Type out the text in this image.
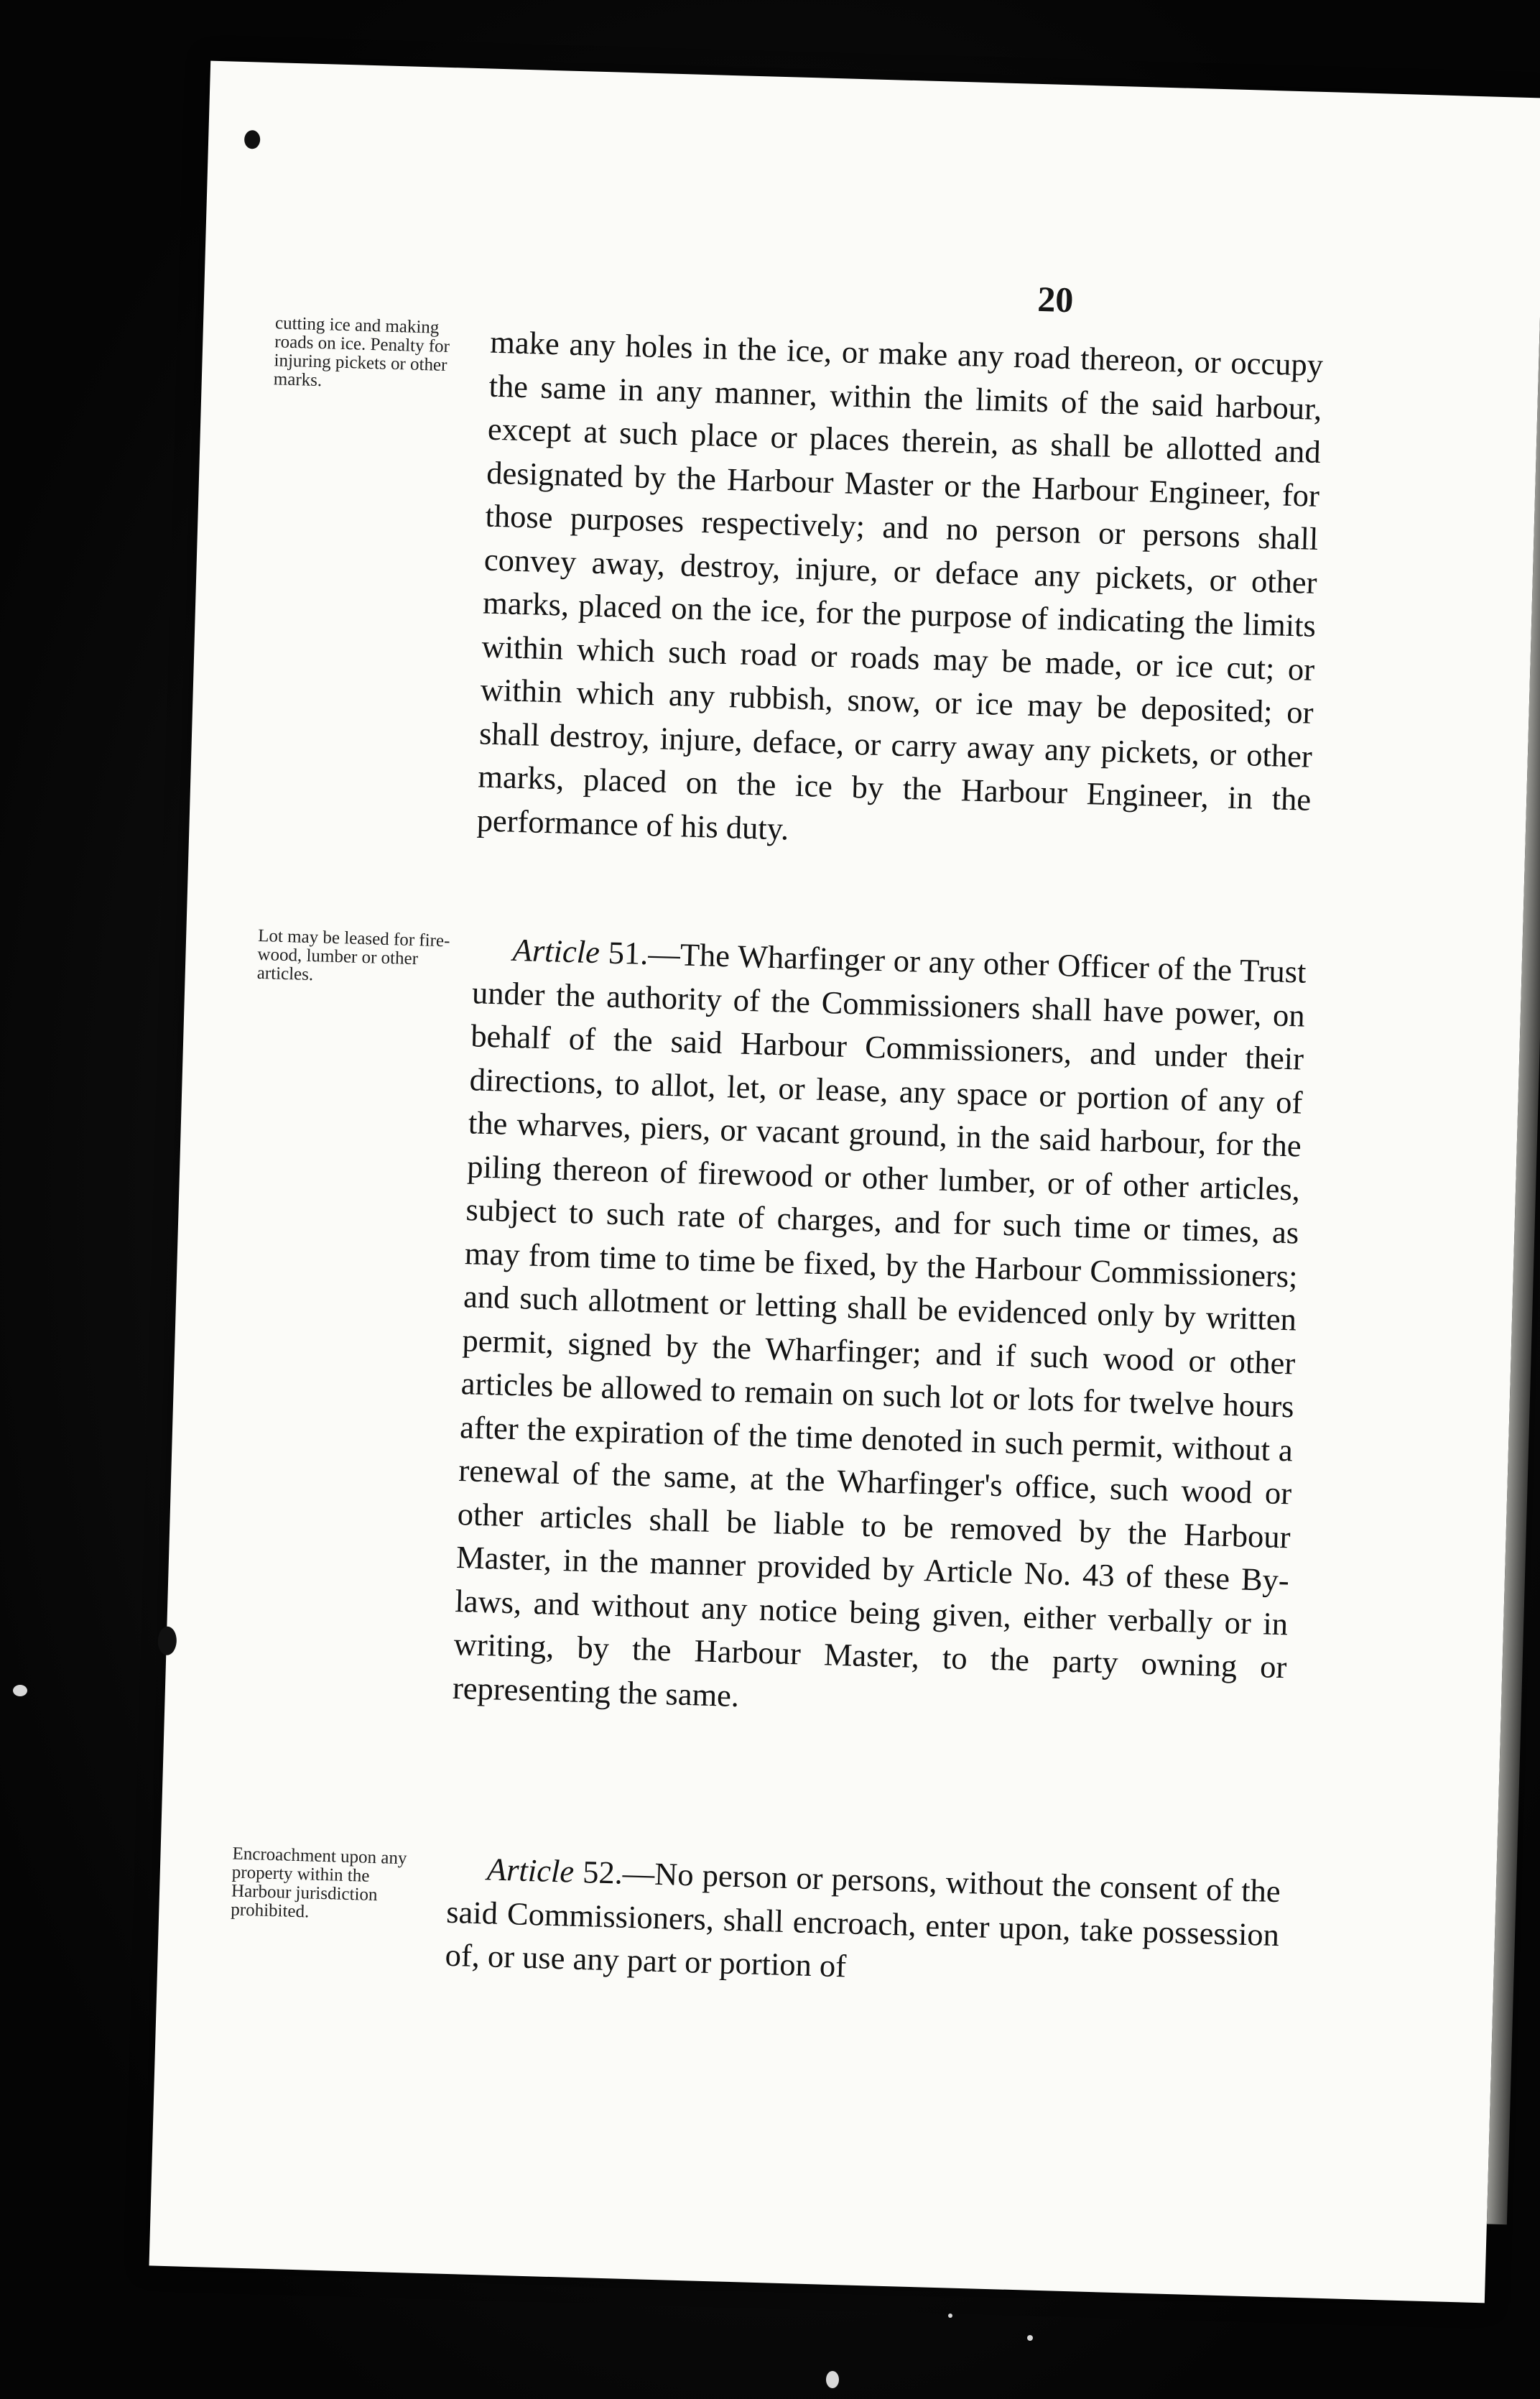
20
cutting ice and making roads on ice. Penalty for injuring pickets or other marks.	make any holes in the ice, or make any road thereon, or occupy the same in any manner, within the limits of the said harbour, except at such place or places therein, as shall be allotted and designated by the Harbour Master or the Harbour Engineer, for those purposes respectively; and no person or persons shall convey away, destroy, injure, or deface any pickets, or other marks, placed on the ice, for the purpose of indicating the limits within which such road or roads may be made, or ice cut; or within which any rubbish, snow, or ice may be deposited; or shall destroy, injure, deface, or carry away any pickets, or other marks, placed on the ice by the Harbour Engineer, in the performance of his duty.
Lot may be leased for fire-wood, lumber or other articles.
Article 51.—The Wharfinger or any other Officer of the Trust under the authority of the Commissioners shall have power, on behalf of the said Harbour Commissioners, and under their directions, to allot, let, or lease, any space or portion of any of the wharves, piers, or vacant ground, in the said harbour, for the piling thereon of firewood or other lumber, or of other articles, subject to such rate of charges, and for such time or times, as may from time to time be fixed, by the Harbour Commissioners; and such allotment or letting shall be evidenced only by written permit, signed by the Wharfinger; and if such wood or other articles be allowed to remain on such lot or lots for twelve hours after the expiration of the time denoted in such permit, without a renewal of the same, at the Wharfinger's office, such wood or other articles shall be liable to be removed by the Harbour Master, in the manner provided by Article No. 43 of these By-laws, and without any notice being given, either verbally or in writing, by the Harbour Master, to the party owning or representing the same.
Encroachment upon any property within the Harbour jurisdiction prohibited.
Article 52.—No person or persons, without the consent of the said Commissioners, shall encroach, enter upon, take possession of, or use any part or portion of
